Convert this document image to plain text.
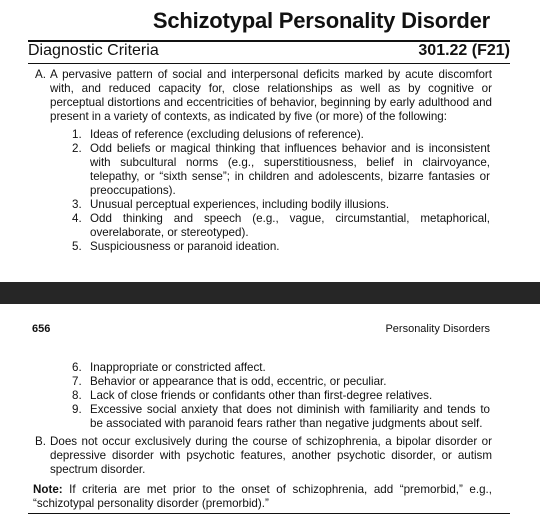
Schizotypal Personality Disorder
Diagnostic Criteria	301.22 (F21)
A. A pervasive pattern of social and interpersonal deficits marked by acute discomfort with, and reduced capacity for, close relationships as well as by cognitive or perceptual distortions and eccentricities of behavior, beginning by early adulthood and present in a variety of contexts, as indicated by five (or more) of the following:
1. Ideas of reference (excluding delusions of reference).
2. Odd beliefs or magical thinking that influences behavior and is inconsistent with subcultural norms (e.g., superstitiousness, belief in clairvoyance, telepathy, or “sixth sense”; in children and adolescents, bizarre fantasies or preoccupations).
3. Unusual perceptual experiences, including bodily illusions.
4. Odd thinking and speech (e.g., vague, circumstantial, metaphorical, overelaborate, or stereotyped).
5. Suspiciousness or paranoid ideation.
656	Personality Disorders
6. Inappropriate or constricted affect.
7. Behavior or appearance that is odd, eccentric, or peculiar.
8. Lack of close friends or confidants other than first-degree relatives.
9. Excessive social anxiety that does not diminish with familiarity and tends to be associated with paranoid fears rather than negative judgments about self.
B. Does not occur exclusively during the course of schizophrenia, a bipolar disorder or depressive disorder with psychotic features, another psychotic disorder, or autism spectrum disorder.
Note: If criteria are met prior to the onset of schizophrenia, add “premorbid,” e.g., “schizotypal personality disorder (premorbid).”
